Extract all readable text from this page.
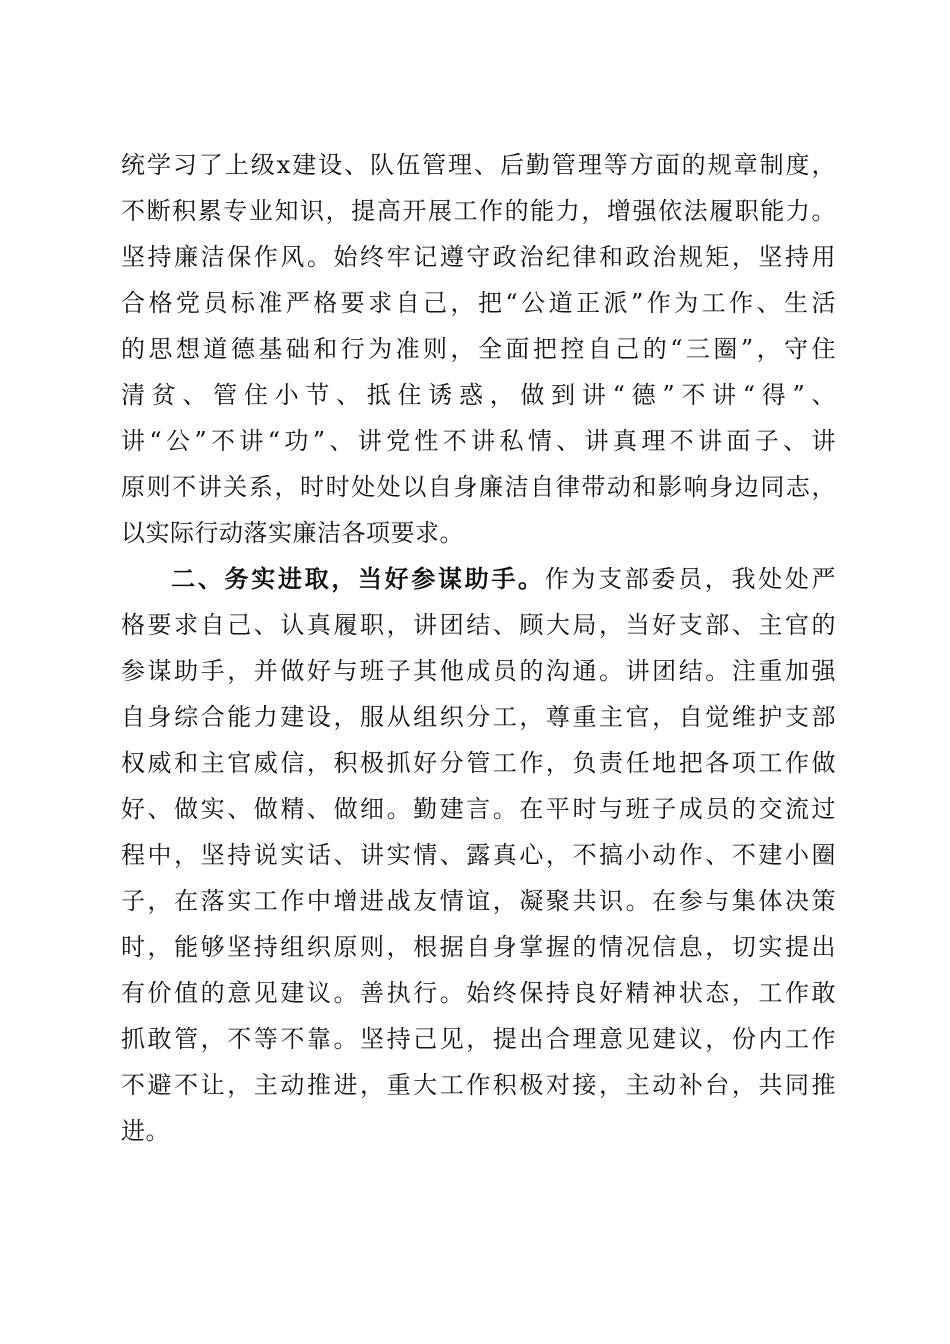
统学习了上级x建设、队伍管理、后勤管理等方面的规章制度，
不断积累专业知识，提高开展工作的能力，增强依法履职能力。
坚持廉洁保作风。始终牢记遵守政治纪律和政治规矩，坚持用
合格党员标准严格要求自己，把“公道正派”作为工作、生活
的思想道德基础和行为准则，全面把控自己的“三圈”，守住
清贫、管住小节、抵住诱惑，做到讲“德”不讲“得”、
讲“公”不讲“功”、讲党性不讲私情、讲真理不讲面子、讲
原则不讲关系，时时处处以自身廉洁自律带动和影响身边同志，
以实际行动落实廉洁各项要求。
二、务实进取，当好参谋助手。作为支部委员，我处处严
格要求自己、认真履职，讲团结、顾大局，当好支部、主官的
参谋助手，并做好与班子其他成员的沟通。讲团结。注重加强
自身综合能力建设，服从组织分工，尊重主官，自觉维护支部
权威和主官威信，积极抓好分管工作，负责任地把各项工作做
好、做实、做精、做细。勤建言。在平时与班子成员的交流过
程中，坚持说实话、讲实情、露真心，不搞小动作、不建小圈
子，在落实工作中增进战友情谊，凝聚共识。在参与集体决策
时，能够坚持组织原则，根据自身掌握的情况信息，切实提出
有价值的意见建议。善执行。始终保持良好精神状态，工作敢
抓敢管，不等不靠。坚持己见，提出合理意见建议，份内工作
不避不让，主动推进，重大工作积极对接，主动补台，共同推
进。
